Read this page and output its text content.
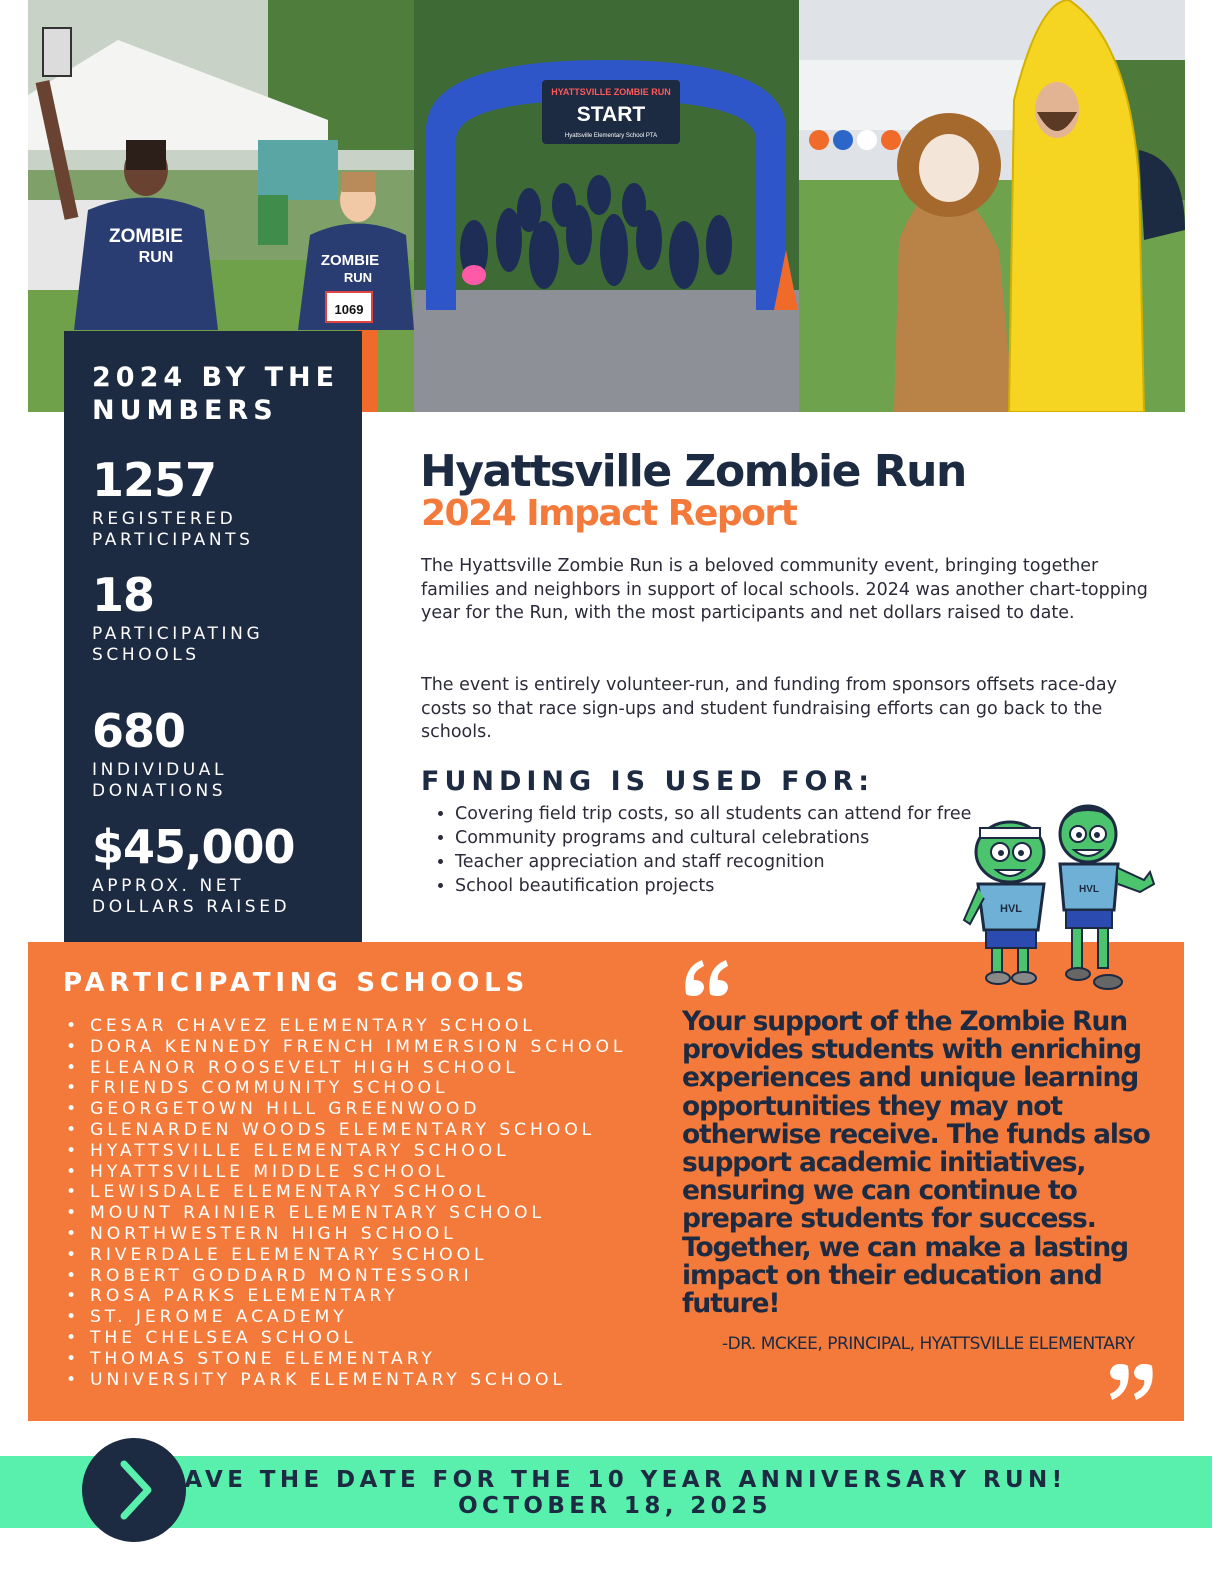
ZOMBIE
RUN	ZOMBIE
RUN
1069
HYATTSVILLE ZOMBIE RUN
START
Hyattsville Elementary School PTA
2024 BY THE NUMBERS
1257
REGISTERED PARTICIPANTS
18
PARTICIPATING SCHOOLS
680
INDIVIDUAL DONATIONS
$45,000
APPROX. NET DOLLARS RAISED
Hyattsville Zombie Run
2024 Impact Report

The Hyattsville Zombie Run is a beloved community event, bringing together families and neighbors in support of local schools. 2024 was another chart-topping year for the Run, with the most participants and net dollars raised to date.

The event is entirely volunteer-run, and funding from sponsors offsets race-day costs so that race sign-ups and student fundraising efforts can go back to the schools.

FUNDING IS USED FOR:
• Covering field trip costs, so all students can attend for free
• Community programs and cultural celebrations
• Teacher appreciation and staff recognition
• School beautification projects
HVL
HVL
PARTICIPATING SCHOOLS
• CESAR CHAVEZ ELEMENTARY SCHOOL
• DORA KENNEDY FRENCH IMMERSION SCHOOL
• ELEANOR ROOSEVELT HIGH SCHOOL
• FRIENDS COMMUNITY SCHOOL
• GEORGETOWN HILL GREENWOOD
• GLENARDEN WOODS ELEMENTARY SCHOOL
• HYATTSVILLE ELEMENTARY SCHOOL
• HYATTSVILLE MIDDLE SCHOOL
• LEWISDALE ELEMENTARY SCHOOL
• MOUNT RAINIER ELEMENTARY SCHOOL
• NORTHWESTERN HIGH SCHOOL
• RIVERDALE ELEMENTARY SCHOOL
• ROBERT GODDARD MONTESSORI
• ROSA PARKS ELEMENTARY
• ST. JEROME ACADEMY
• THE CHELSEA SCHOOL
• THOMAS STONE ELEMENTARY
• UNIVERSITY PARK ELEMENTARY SCHOOL

Your support of the Zombie Run provides students with enriching experiences and unique learning opportunities they may not otherwise receive. The funds also support academic initiatives, ensuring we can continue to prepare students for success. Together, we can make a lasting impact on their education and future!

-DR. MCKEE, PRINCIPAL, HYATTSVILLE ELEMENTARY
SAVE THE DATE FOR THE 10 YEAR ANNIVERSARY RUN!
OCTOBER 18, 2025
